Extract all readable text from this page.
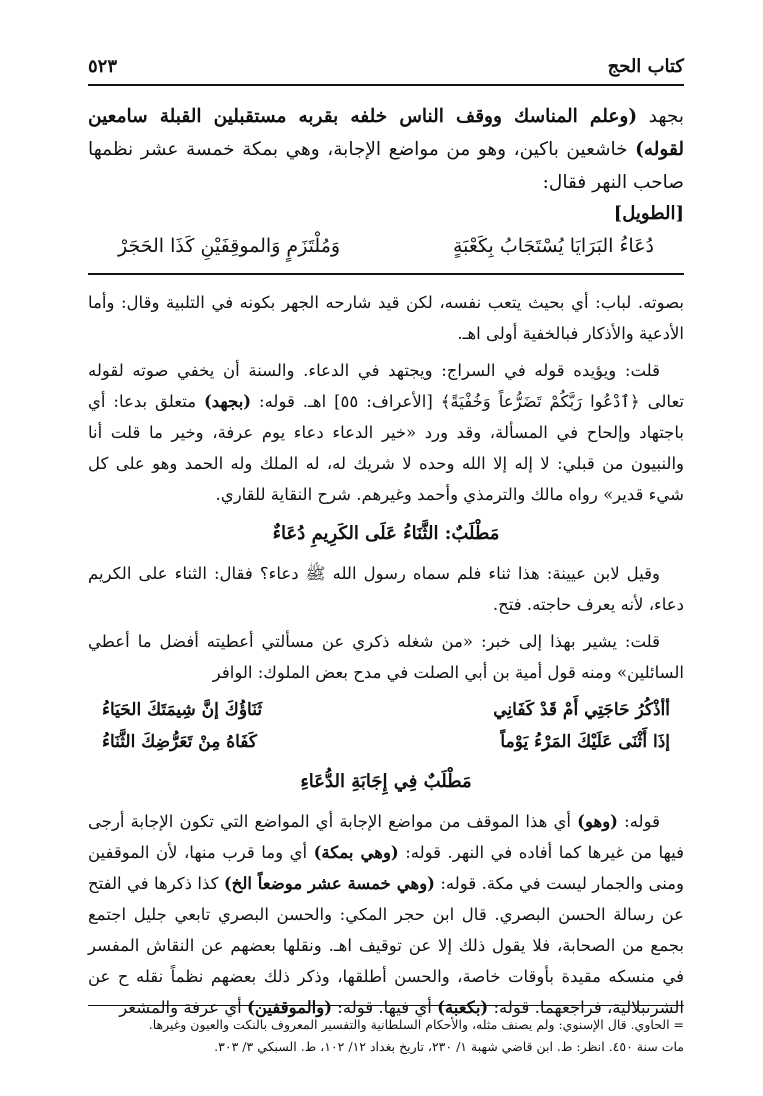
كتاب الحج
٥٢٣
بجهد (وعلم المناسك ووقف الناس خلفه بقربه مستقبلين القبلة سامعين لقوله) خاشعين باكين، وهو من مواضع الإجابة، وهي بمكة خمسة عشر نظمها صاحب النهر فقال:
[الطويل]
دُعَاءُ البَرَايَا يُسْتَجَابُ بِكَعْبَةٍ
وَمُلْتَزَمٍ وَالموقِفَيْنِ كَذَا الحَجَرْ

بصوته. لباب: أي بحيث يتعب نفسه، لكن قيد شارحه الجهر بكونه في التلبية وقال: وأما الأدعية والأذكار فبالخفية أولى اهـ.

قلت: ويؤيده قوله في السراج: ويجتهد في الدعاء. والسنة أن يخفي صوته لقوله تعالى ﴿ٱدْعُوا رَبَّكُمْ تَضَرُّعاً وَخُفْيَةً﴾ [الأعراف: ٥٥] اهـ. قوله: (بجهد) متعلق بدعا: أي باجتهاد وإلحاح في المسألة، وقد ورد «خير الدعاء دعاء يوم عرفة، وخير ما قلت أنا والنبيون من قبلي: لا إله إلا الله وحده لا شريك له، له الملك وله الحمد وهو على كل شيء قدير» رواه مالك والترمذي وأحمد وغيرهم. شرح النقاية للقاري.

مَطْلَبٌ: الثَّنَاءُ عَلَى الكَرِيمِ دُعَاءٌ

وقيل لابن عيينة: هذا ثناء فلم سماه رسول الله ﷺ دعاء؟ فقال: الثناء على الكريم دعاء، لأنه يعرف حاجته. فتح.

قلت: يشير بهذا إلى خبر: «من شغله ذكري عن مسألتي أعطيته أفضل ما أعطي السائلين» ومنه قول أمية بن أبي الصلت في مدح بعض الملوك: الوافر

أأذْكُرُ حَاجَتِي أَمْ قَدْ كَفَانِي
ثَنَاؤُكَ إنَّ شِيمَتَكَ الحَيَاءُ
إذَا أَثْنَى عَلَيْكَ المَرْءُ يَوْماً
كَفَاهُ مِنْ تَعَرُّضِكَ الثَّنَاءُ
مَطْلَبٌ فِي إِجَابَةِ الدُّعَاءِ

قوله: (وهو) أي هذا الموقف من مواضع الإجابة أي المواضع التي تكون الإجابة أرجى فيها من غيرها كما أفاده في النهر. قوله: (وهي بمكة) أي وما قرب منها، لأن الموقفين ومنى والجمار ليست في مكة. قوله: (وهي خمسة عشر موضعاً الخ) كذا ذكرها في الفتح عن رسالة الحسن البصري. قال ابن حجر المكي: والحسن البصري تابعي جليل اجتمع بجمع من الصحابة، فلا يقول ذلك إلا عن توقيف اهـ. ونقلها بعضهم عن النقاش المفسر في منسكه مقيدة بأوقات خاصة، والحسن أطلقها، وذكر ذلك بعضهم نظماً نقله ح عن الشرنبلالية، فراجعهما. قوله: (بكعبة) أي فيها. قوله: (والموقفين) أي عرفة والمشعر

= الحاوي. قال الإسنوي: ولم يصنف مثله، والأحكام السلطانية والتفسير المعروف بالنكت والعيون وغيرها.
مات سنة ٤٥٠. انظر: ط. ابن قاضي شهبة ١/ ٢٣٠، تاريخ بغداد ١٢/ ١٠٢، ط. السبكي ٣/ ٣٠٣.
